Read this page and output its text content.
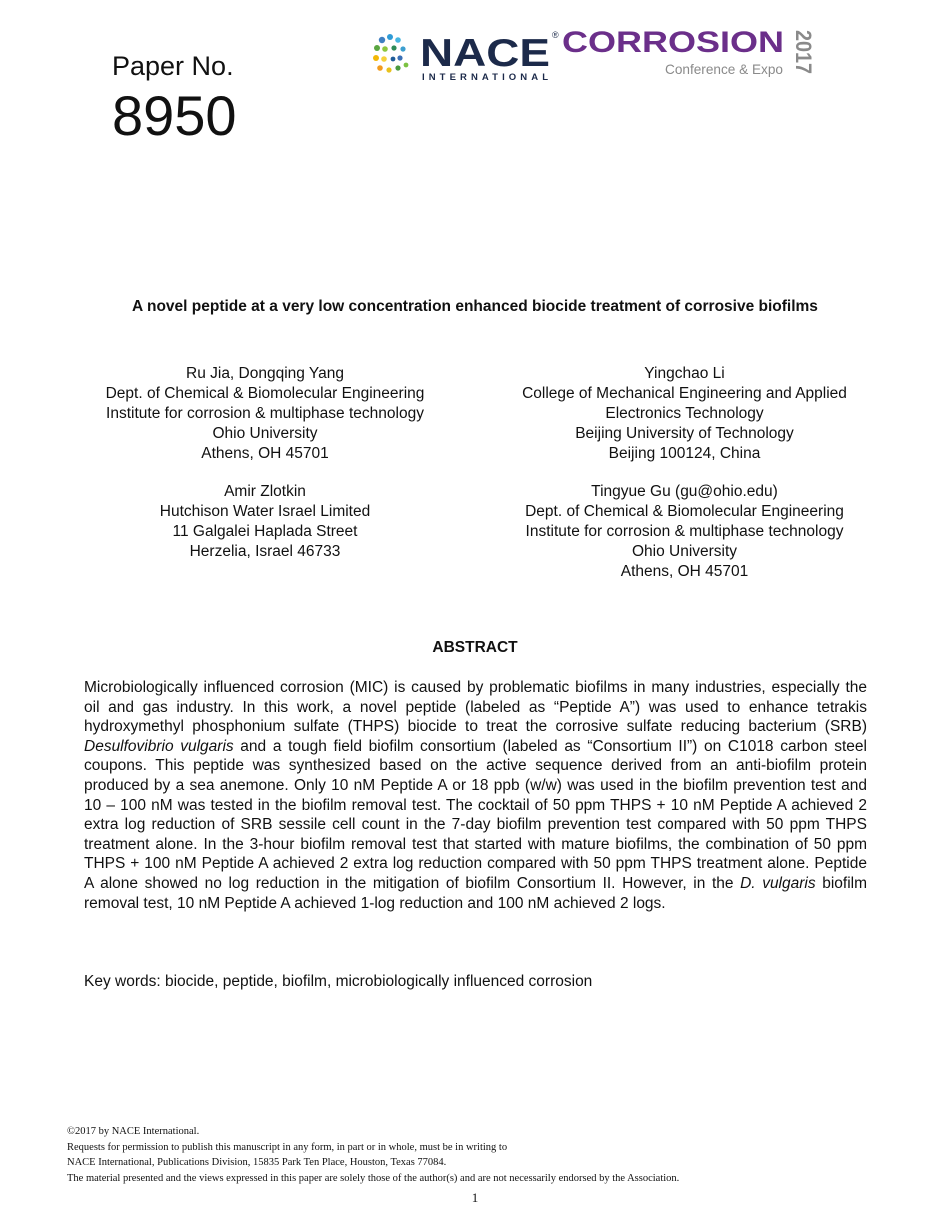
Paper No.
8950
NACE ®
INTERNATIONAL
CORROSION
Conference & Expo 2017
A novel peptide at a very low concentration enhanced biocide treatment of corrosive biofilms
Ru Jia, Dongqing Yang
Dept. of Chemical & Biomolecular Engineering
Institute for corrosion & multiphase technology
Ohio University
Athens, OH 45701
Yingchao Li
College of Mechanical Engineering and Applied
Electronics Technology
Beijing University of Technology
Beijing 100124, China
Amir Zlotkin
Hutchison Water Israel Limited
11 Galgalei Haplada Street
Herzelia, Israel 46733
Tingyue Gu (gu@ohio.edu)
Dept. of Chemical & Biomolecular Engineering
Institute for corrosion & multiphase technology
Ohio University
Athens, OH 45701
ABSTRACT
Microbiologically influenced corrosion (MIC) is caused by problematic biofilms in many industries, especially the oil and gas industry. In this work, a novel peptide (labeled as “Peptide A”) was used to enhance tetrakis hydroxymethyl phosphonium sulfate (THPS) biocide to treat the corrosive sulfate reducing bacterium (SRB) Desulfovibrio vulgaris and a tough field biofilm consortium (labeled as “Consortium II”) on C1018 carbon steel coupons. This peptide was synthesized based on the active sequence derived from an anti-biofilm protein produced by a sea anemone. Only 10 nM Peptide A or 18 ppb (w/w) was used in the biofilm prevention test and 10 – 100 nM was tested in the biofilm removal test. The cocktail of 50 ppm THPS + 10 nM Peptide A achieved 2 extra log reduction of SRB sessile cell count in the 7-day biofilm prevention test compared with 50 ppm THPS treatment alone. In the 3-hour biofilm removal test that started with mature biofilms, the combination of 50 ppm THPS + 100 nM Peptide A achieved 2 extra log reduction compared with 50 ppm THPS treatment alone. Peptide A alone showed no log reduction in the mitigation of biofilm Consortium II. However, in the D. vulgaris biofilm removal test, 10 nM Peptide A achieved 1-log reduction and 100 nM achieved 2 logs.
Key words: biocide, peptide, biofilm, microbiologically influenced corrosion
©2017 by NACE International.
Requests for permission to publish this manuscript in any form, in part or in whole, must be in writing to
NACE International, Publications Division, 15835 Park Ten Place, Houston, Texas 77084.
The material presented and the views expressed in this paper are solely those of the author(s) and are not necessarily endorsed by the Association.
1
